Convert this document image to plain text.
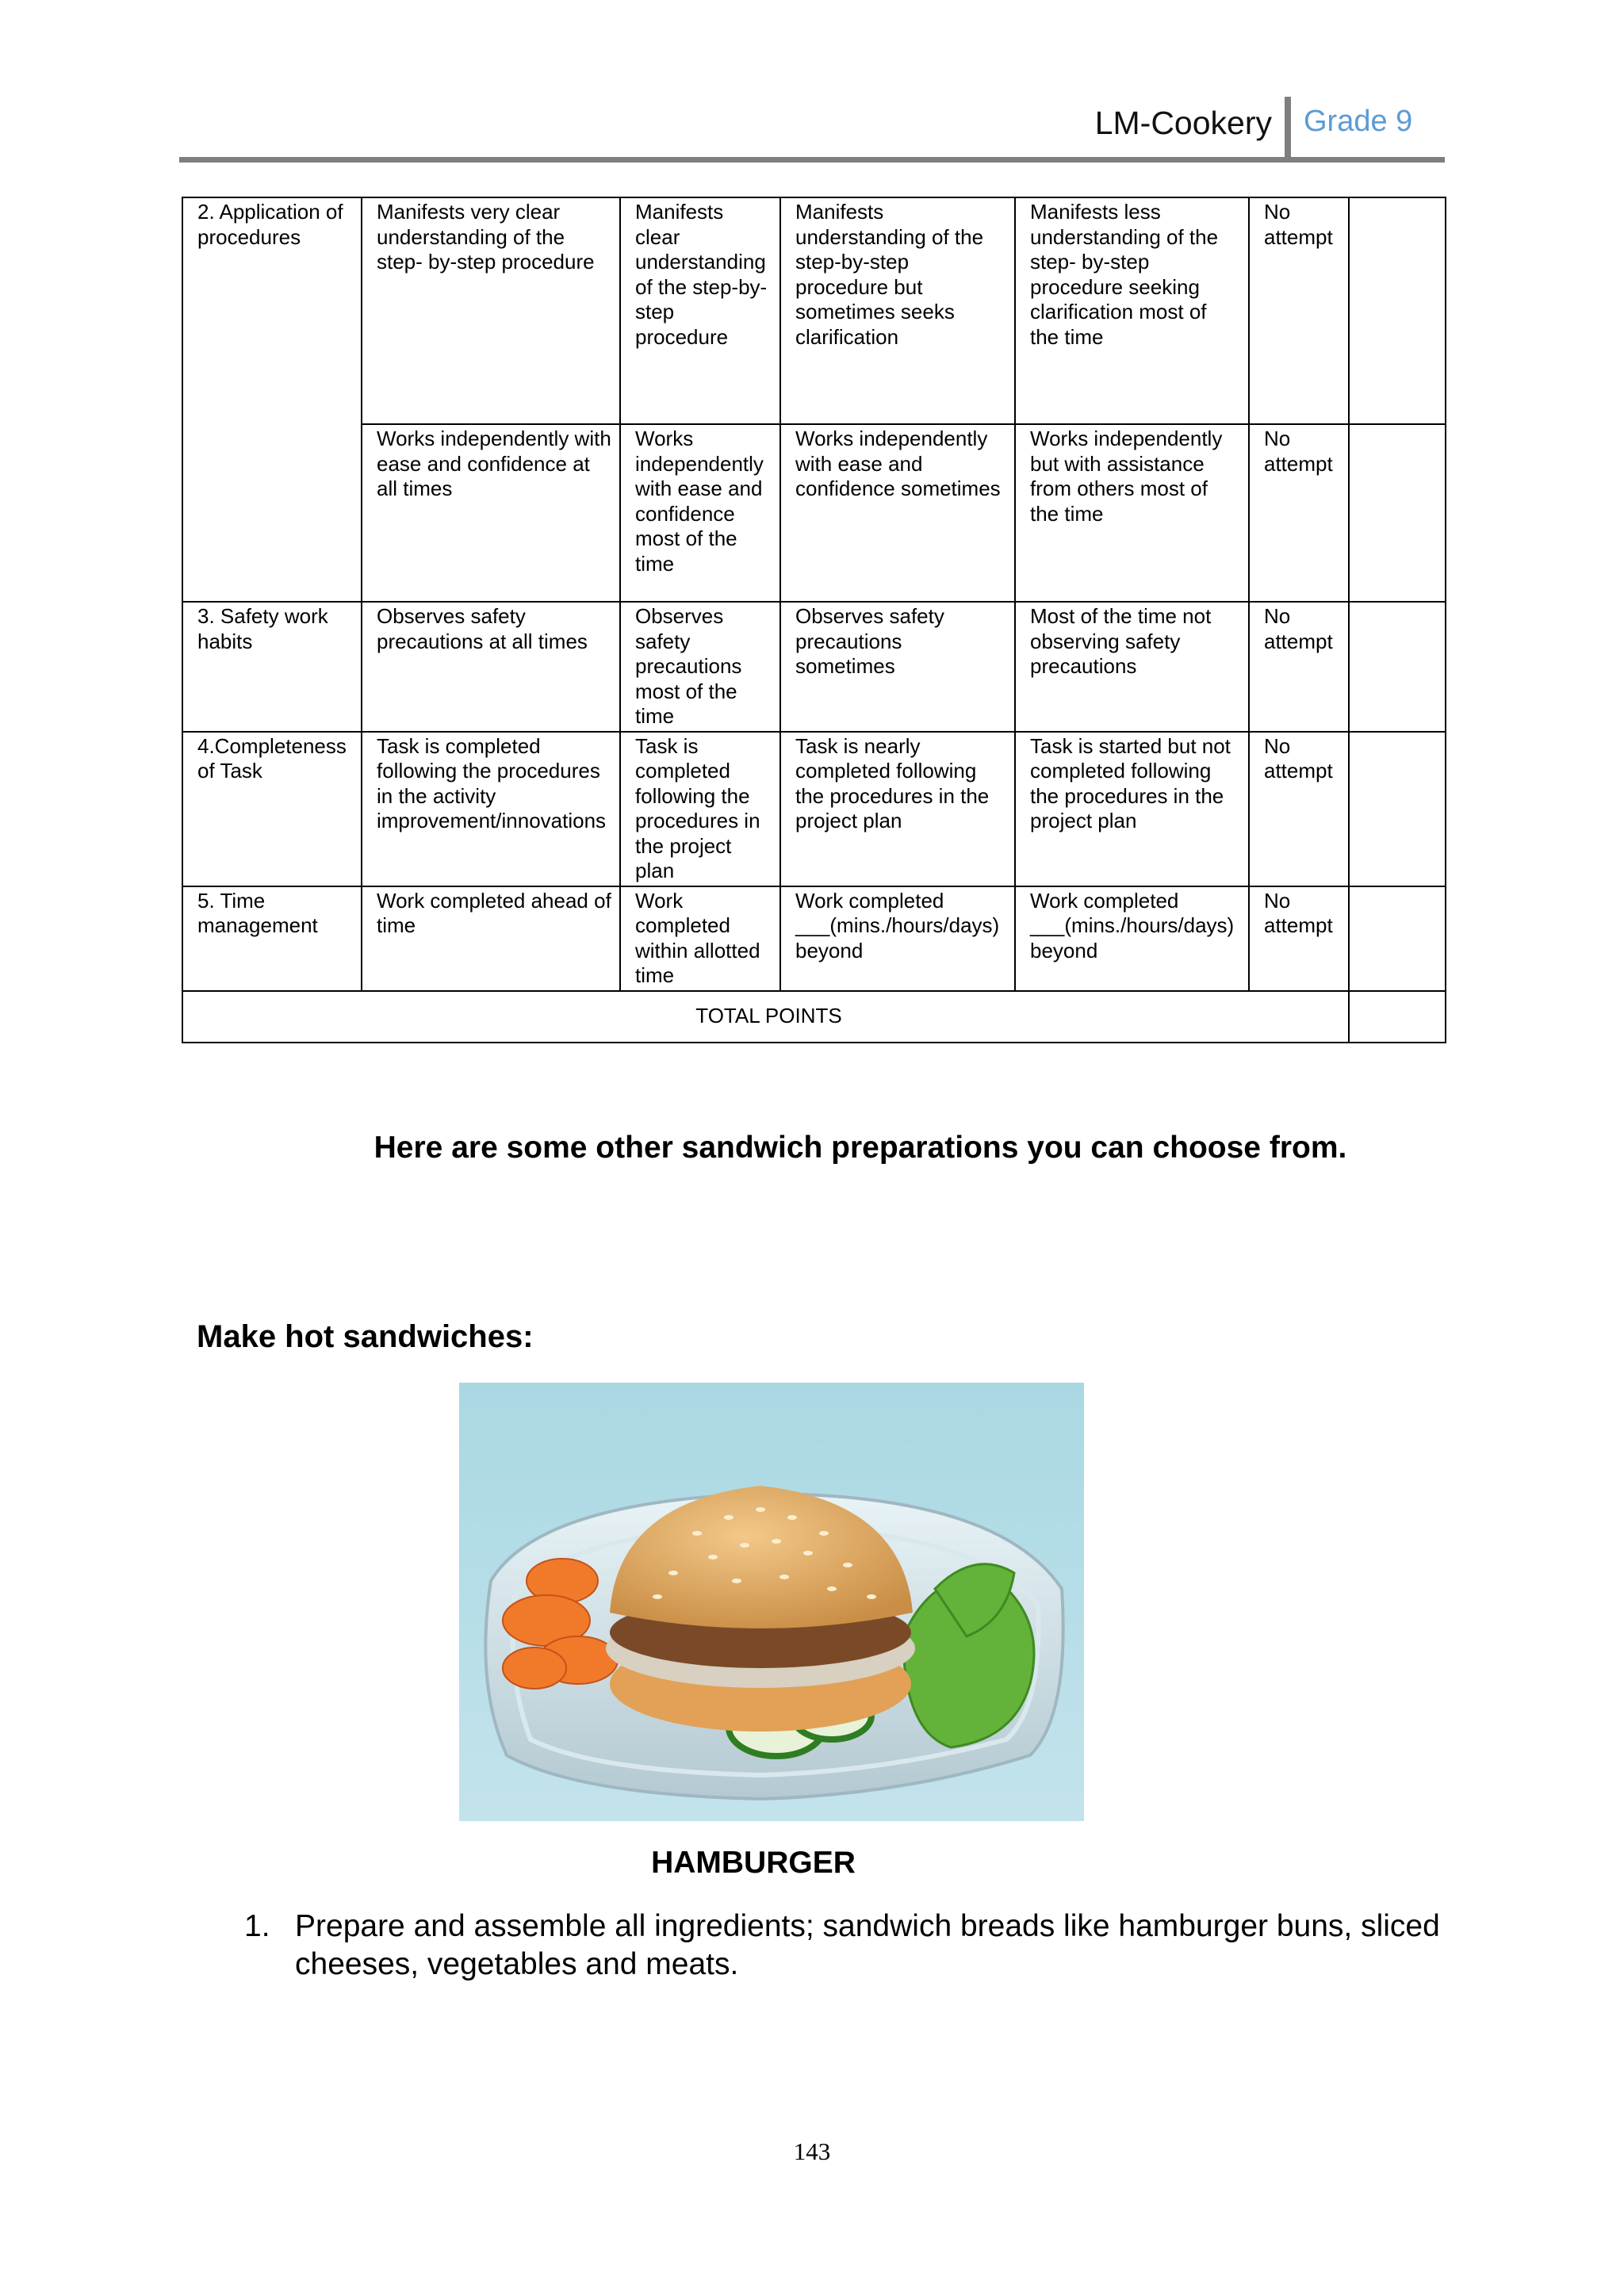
LM-Cookery Grade 9
2. Application of procedures	Manifests very clear understanding of the step- by-step procedure	Manifests clear understanding of the step-by-step procedure	Manifests understanding of the step-by-step procedure but sometimes seeks clarification	Manifests less understanding of the step- by-step procedure seeking clarification most of the time	No attempt	
	Works independently with ease and confidence at all times	Works independently with ease and confidence most of the time	Works independently with ease and confidence sometimes	Works independently but with assistance from others most of the time	No attempt	
3. Safety work habits	Observes safety precautions at all times	Observes safety precautions most of the time	Observes safety precautions sometimes	Most of the time not observing safety precautions	No attempt	
4.Completeness of Task	Task is completed following the procedures in the activity improvement/innovations	Task is completed following the procedures in the project plan	Task is nearly completed following the procedures in the project plan	Task is started but not completed following the procedures in the project plan	No attempt	
5. Time management	Work completed ahead of time	Work completed within allotted time	Work completed ___(mins./hours/days) beyond	Work completed ___(mins./hours/days) beyond	No attempt	
TOTAL POINTS						
Here are some other sandwich preparations you can choose from.
Make hot sandwiches:
HAMBURGER
1. Prepare and assemble all ingredients; sandwich breads like hamburger buns, sliced cheeses, vegetables and meats.
143
